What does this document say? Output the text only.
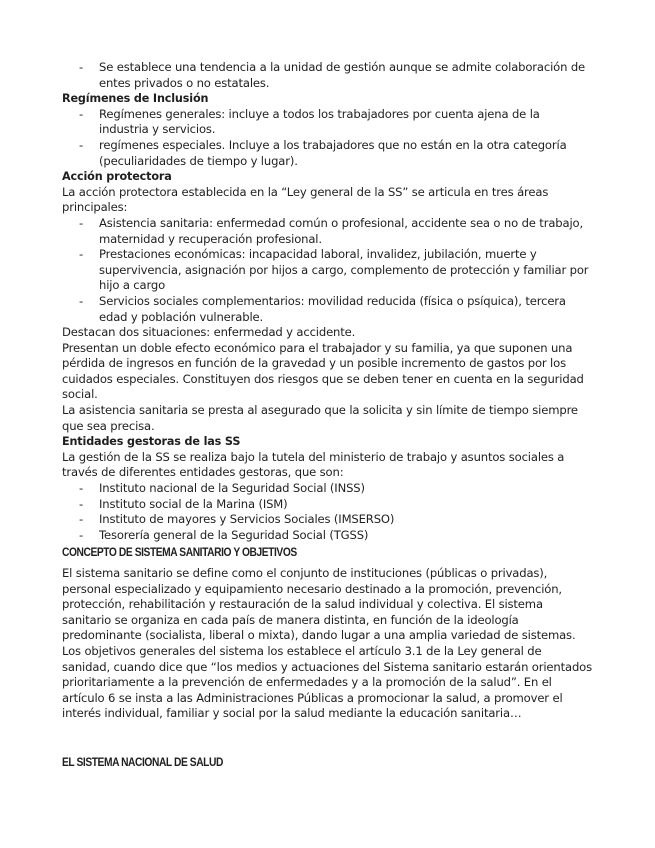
- Se establece una tendencia a la unidad de gestión aunque se admite colaboración de entes privados o no estatales.

Regímenes de Inclusión

- Regímenes generales: incluye a todos los trabajadores por cuenta ajena de la industria y servicios.
- regímenes especiales. Incluye a los trabajadores que no están en la otra categoría (peculiaridades de tiempo y lugar).

Acción protectora

La acción protectora establecida en la “Ley general de la SS” se articula en tres áreas principales:

- Asistencia sanitaria: enfermedad común o profesional, accidente sea o no de trabajo, maternidad y recuperación profesional.
- Prestaciones económicas: incapacidad laboral, invalidez, jubilación, muerte y supervivencia, asignación por hijos a cargo, complemento de protección y familiar por hijo a cargo
- Servicios sociales complementarios: movilidad reducida (física o psíquica), tercera edad y población vulnerable.

Destacan dos situaciones: enfermedad y accidente.

Presentan un doble efecto económico para el trabajador y su familia, ya que suponen una pérdida de ingresos en función de la gravedad y un posible incremento de gastos por los cuidados especiales. Constituyen dos riesgos que se deben tener en cuenta en la seguridad social.

La asistencia sanitaria se presta al asegurado que la solicita y sin límite de tiempo siempre que sea precisa.

Entidades gestoras de las SS

La gestión de la SS se realiza bajo la tutela del ministerio de trabajo y asuntos sociales a través de diferentes entidades gestoras, que son:

- Instituto nacional de la Seguridad Social (INSS)
- Instituto social de la Marina (ISM)
- Instituto de mayores y Servicios Sociales (IMSERSO)
- Tesorería general de la Seguridad Social (TGSS)

CONCEPTO DE SISTEMA SANITARIO Y OBJETIVOS

El sistema sanitario se define como el conjunto de instituciones (públicas o privadas), personal especializado y equipamiento necesario destinado a la promoción, prevención, protección, rehabilitación y restauración de la salud individual y colectiva. El sistema sanitario se organiza en cada país de manera distinta, en función de la ideología predominante (socialista, liberal o mixta), dando lugar a una amplia variedad de sistemas.

Los objetivos generales del sistema los establece el artículo 3.1 de la Ley general de sanidad, cuando dice que “los medios y actuaciones del Sistema sanitario estarán orientados prioritariamente a la prevención de enfermedades y a la promoción de la salud”. En el artículo 6 se insta a las Administraciones Públicas a promocionar la salud, a promover el interés individual, familiar y social por la salud mediante la educación sanitaria…

EL SISTEMA NACIONAL DE SALUD
